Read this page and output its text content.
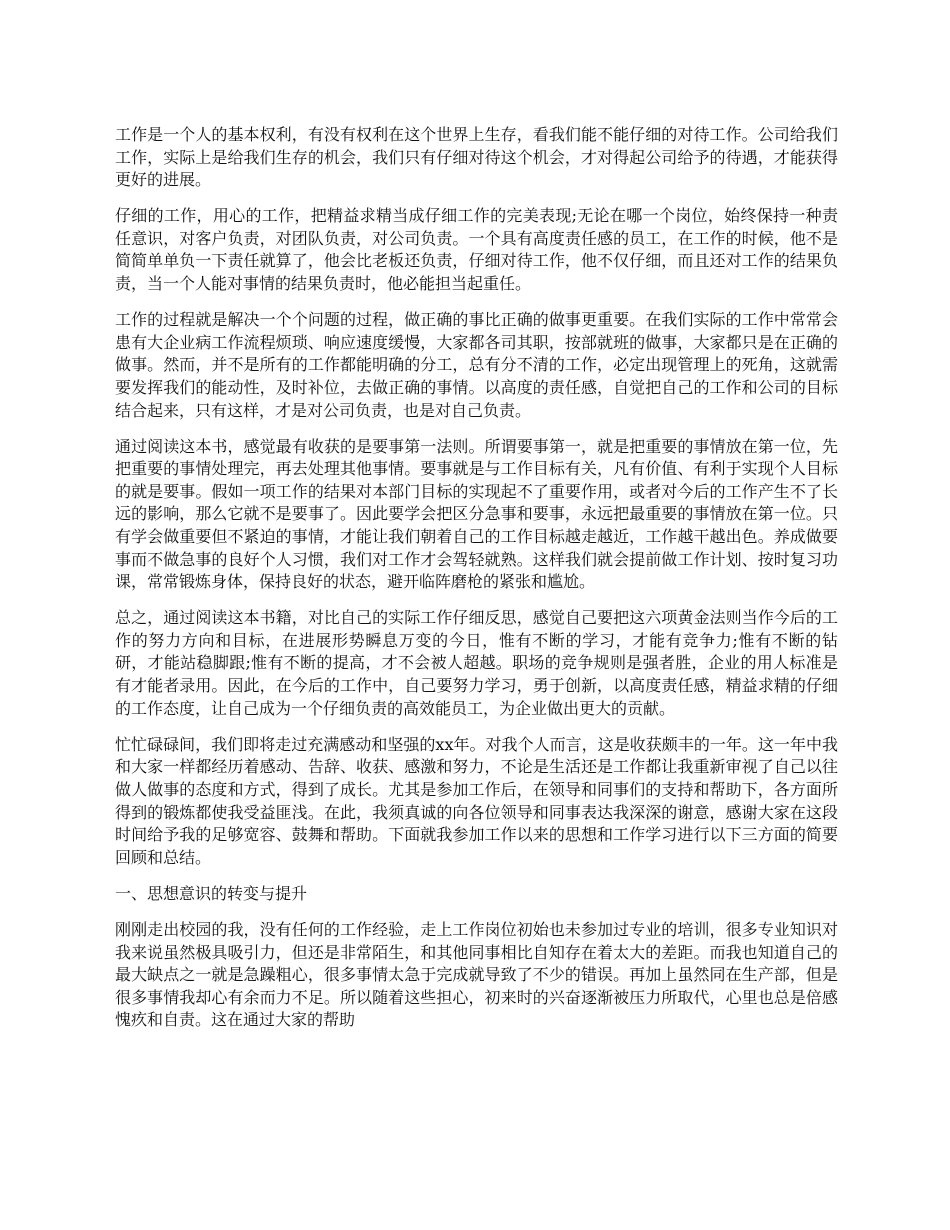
工作是一个人的基本权利，有没有权利在这个世界上生存，看我们能不能仔细的对待工作。公司给我们工作，实际上是给我们生存的机会，我们只有仔细对待这个机会，才对得起公司给予的待遇，才能获得更好的进展。

仔细的工作，用心的工作，把精益求精当成仔细工作的完美表现;无论在哪一个岗位，始终保持一种责任意识，对客户负责，对团队负责，对公司负责。一个具有高度责任感的员工，在工作的时候，他不是简简单单负一下责任就算了，他会比老板还负责，仔细对待工作，他不仅仔细，而且还对工作的结果负责，当一个人能对事情的结果负责时，他必能担当起重任。

工作的过程就是解决一个个问题的过程，做正确的事比正确的做事更重要。在我们实际的工作中常常会患有大企业病工作流程烦琐、响应速度缓慢，大家都各司其职，按部就班的做事，大家都只是在正确的做事。然而，并不是所有的工作都能明确的分工，总有分不清的工作，必定出现管理上的死角，这就需要发挥我们的能动性，及时补位，去做正确的事情。以高度的责任感，自觉把自己的工作和公司的目标结合起来，只有这样，才是对公司负责，也是对自己负责。

通过阅读这本书，感觉最有收获的是要事第一法则。所谓要事第一，就是把重要的事情放在第一位，先把重要的事情处理完，再去处理其他事情。要事就是与工作目标有关，凡有价值、有利于实现个人目标的就是要事。假如一项工作的结果对本部门目标的实现起不了重要作用，或者对今后的工作产生不了长远的影响，那么它就不是要事了。因此要学会把区分急事和要事，永远把最重要的事情放在第一位。只有学会做重要但不紧迫的事情，才能让我们朝着自己的工作目标越走越近，工作越干越出色。养成做要事而不做急事的良好个人习惯，我们对工作才会驾轻就熟。这样我们就会提前做工作计划、按时复习功课，常常锻炼身体，保持良好的状态，避开临阵磨枪的紧张和尴尬。

总之，通过阅读这本书籍，对比自己的实际工作仔细反思，感觉自己要把这六项黄金法则当作今后的工作的努力方向和目标，在进展形势瞬息万变的今日，惟有不断的学习，才能有竞争力;惟有不断的钻研，才能站稳脚跟;惟有不断的提高，才不会被人超越。职场的竞争规则是强者胜，企业的用人标准是有才能者录用。因此，在今后的工作中，自己要努力学习，勇于创新，以高度责任感，精益求精的仔细的工作态度，让自己成为一个仔细负责的高效能员工，为企业做出更大的贡献。

忙忙碌碌间，我们即将走过充满感动和坚强的xx年。对我个人而言，这是收获颇丰的一年。这一年中我和大家一样都经历着感动、告辞、收获、感激和努力，不论是生活还是工作都让我重新审视了自己以往做人做事的态度和方式，得到了成长。尤其是参加工作后，在领导和同事们的支持和帮助下，各方面所得到的锻炼都使我受益匪浅。在此，我须真诚的向各位领导和同事表达我深深的谢意，感谢大家在这段时间给予我的足够宽容、鼓舞和帮助。下面就我参加工作以来的思想和工作学习进行以下三方面的简要回顾和总结。

一、思想意识的转变与提升

刚刚走出校园的我，没有任何的工作经验，走上工作岗位初始也未参加过专业的培训，很多专业知识对我来说虽然极具吸引力，但还是非常陌生，和其他同事相比自知存在着太大的差距。而我也知道自己的最大缺点之一就是急躁粗心，很多事情太急于完成就导致了不少的错误。再加上虽然同在生产部，但是很多事情我却心有余而力不足。所以随着这些担心，初来时的兴奋逐渐被压力所取代，心里也总是倍感愧疚和自责。这在通过大家的帮助
